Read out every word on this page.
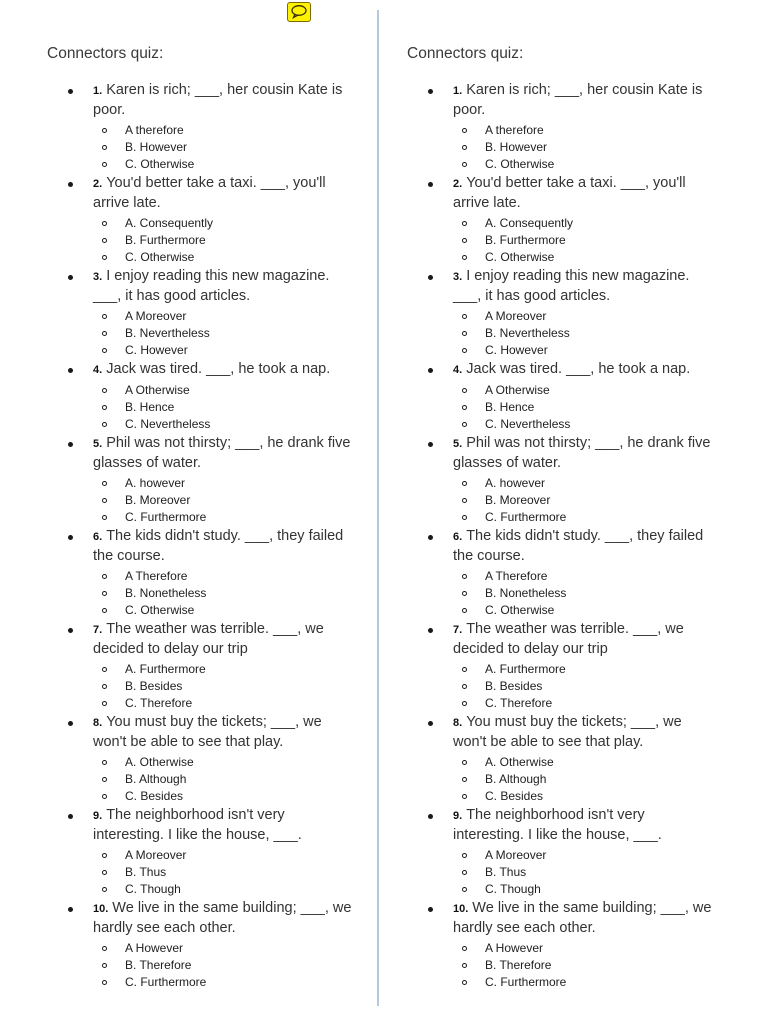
Connectors quiz:
1. Karen is rich; ___, her cousin Kate is poor.
A therefore
B. However
C. Otherwise
2. You'd better take a taxi. ___, you'll arrive late.
A. Consequently
B. Furthermore
C. Otherwise
3. I enjoy reading this new magazine. ___, it has good articles.
A Moreover
B. Nevertheless
C. However
4. Jack was tired. ___, he took a nap.
A Otherwise
B. Hence
C. Nevertheless
5. Phil was not thirsty; ___, he drank five glasses of water.
A. however
B. Moreover
C. Furthermore
6. The kids didn't study. ___, they failed the course.
A Therefore
B. Nonetheless
C. Otherwise
7. The weather was terrible. ___, we decided to delay our trip
A. Furthermore
B. Besides
C. Therefore
8. You must buy the tickets; ___, we won't be able to see that play.
A. Otherwise
B. Although
C. Besides
9. The neighborhood isn't very interesting. I like the house, ___.
A Moreover
B. Thus
C. Though
10. We live in the same building; ___, we hardly see each other.
A However
B. Therefore
C. Furthermore
Connectors quiz:
1. Karen is rich; ___, her cousin Kate is poor.
A therefore
B. However
C. Otherwise
2. You'd better take a taxi. ___, you'll arrive late.
A. Consequently
B. Furthermore
C. Otherwise
3. I enjoy reading this new magazine. ___, it has good articles.
A Moreover
B. Nevertheless
C. However
4. Jack was tired. ___, he took a nap.
A Otherwise
B. Hence
C. Nevertheless
5. Phil was not thirsty; ___, he drank five glasses of water.
A. however
B. Moreover
C. Furthermore
6. The kids didn't study. ___, they failed the course.
A Therefore
B. Nonetheless
C. Otherwise
7. The weather was terrible. ___, we decided to delay our trip
A. Furthermore
B. Besides
C. Therefore
8. You must buy the tickets; ___, we won't be able to see that play.
A. Otherwise
B. Although
C. Besides
9. The neighborhood isn't very interesting. I like the house, ___.
A Moreover
B. Thus
C. Though
10. We live in the same building; ___, we hardly see each other.
A However
B. Therefore
C. Furthermore
